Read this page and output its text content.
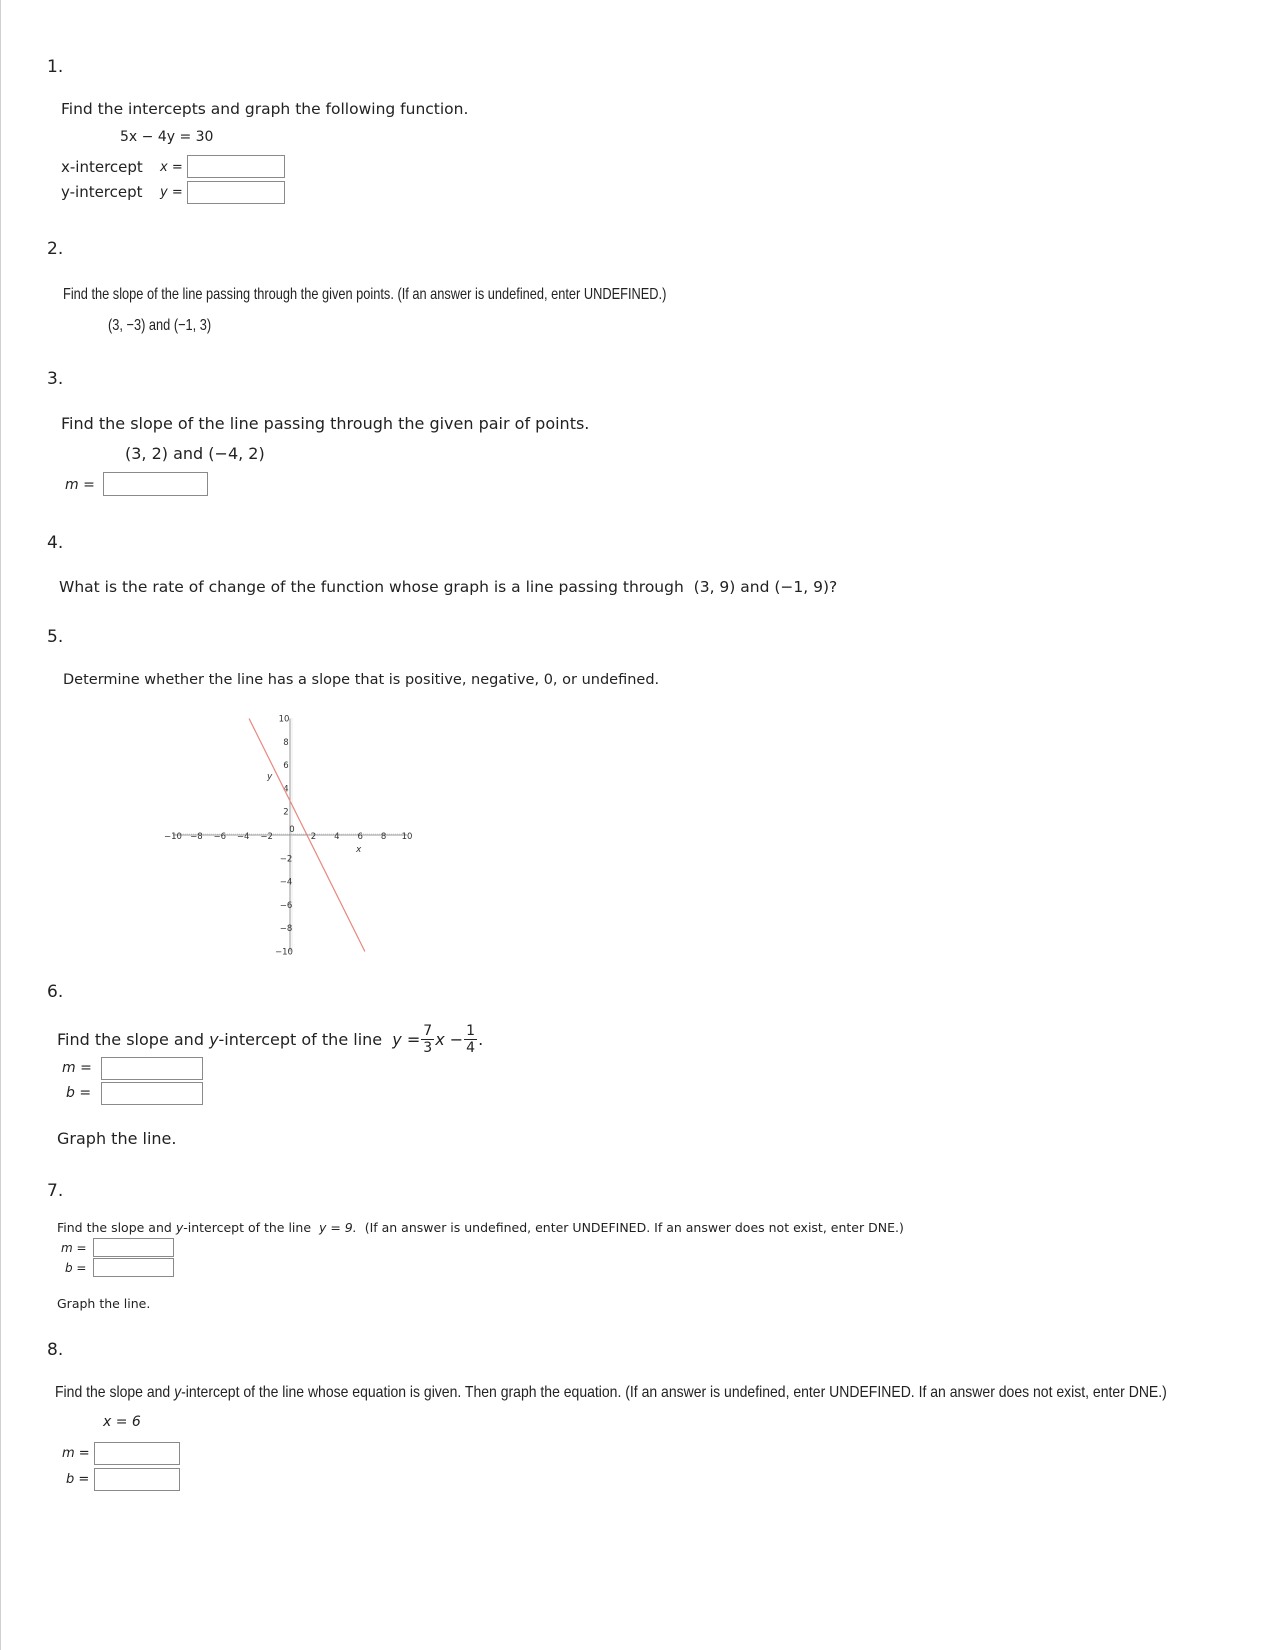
1.
Find the intercepts and graph the following function.
5x − 4y = 30
x-intercept x =
y-intercept y =
2.
Find the slope of the line passing through the given points. (If an answer is undefined, enter UNDEFINED.)
(3, −3) and (−1, 3)
3.
Find the slope of the line passing through the given pair of points.
(3, 2) and (−4, 2)
m =
4.
What is the rate of change of the function whose graph is a line passing through (3, 9) and (−1, 9)?
5.
Determine whether the line has a slope that is positive, negative, 0, or undefined.
−10 −8 −6 −4 −2
0
2 4 6 8 10
−10
−8
−6
−4
−2
2
4
6
8
10
y
x
6.
Find the slope and
y -intercept of the line
$y = \frac{7}{3}$ x
− $\frac{1}{4}$ .
m =
b =
Graph the line.
7.
Find the slope and y-intercept of the line y = 9. (If an answer is undefined, enter UNDEFINED. If an answer does not exist, enter DNE.)
m =
b =
Graph the line.
8.
Find the slope and y-intercept of the line whose equation is given. Then graph the equation. (If an answer is undefined, enter UNDEFINED. If an answer does not exist, enter DNE.)
x = 6
m =
b =
